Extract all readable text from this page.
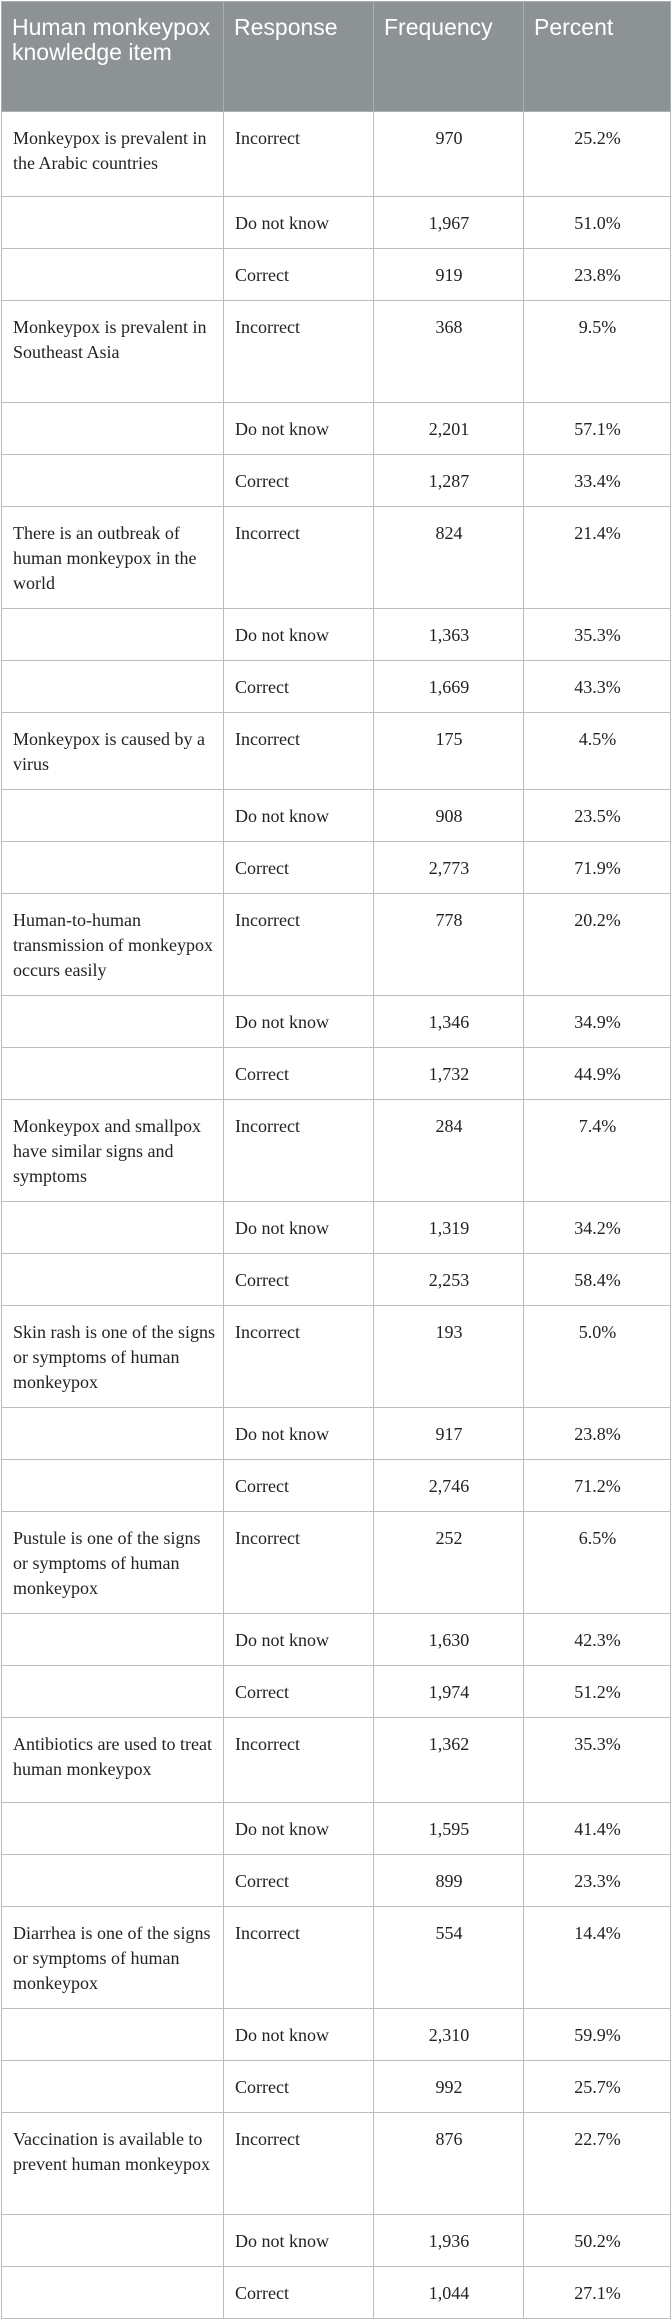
Human monkeypox knowledge item	Response	Frequency	Percent
Monkeypox is prevalent in the Arabic countries	Incorrect	970	25.2%
	Do not know	1,967	51.0%
	Correct	919	23.8%
Monkeypox is prevalent in Southeast Asia	Incorrect	368	9.5%
	Do not know	2,201	57.1%
	Correct	1,287	33.4%
There is an outbreak of human monkeypox in the world	Incorrect	824	21.4%
	Do not know	1,363	35.3%
	Correct	1,669	43.3%
Monkeypox is caused by a virus	Incorrect	175	4.5%
	Do not know	908	23.5%
	Correct	2,773	71.9%
Human-to-human transmission of monkeypox occurs easily	Incorrect	778	20.2%
	Do not know	1,346	34.9%
	Correct	1,732	44.9%
Monkeypox and smallpox have similar signs and symptoms	Incorrect	284	7.4%
	Do not know	1,319	34.2%
	Correct	2,253	58.4%
Skin rash is one of the signs or symptoms of human monkeypox	Incorrect	193	5.0%
	Do not know	917	23.8%
	Correct	2,746	71.2%
Pustule is one of the signs or symptoms of human monkeypox	Incorrect	252	6.5%
	Do not know	1,630	42.3%
	Correct	1,974	51.2%
Antibiotics are used to treat human monkeypox	Incorrect	1,362	35.3%
	Do not know	1,595	41.4%
	Correct	899	23.3%
Diarrhea is one of the signs or symptoms of human monkeypox	Incorrect	554	14.4%
	Do not know	2,310	59.9%
	Correct	992	25.7%
Vaccination is available to prevent human monkeypox	Incorrect	876	22.7%
	Do not know	1,936	50.2%
	Correct	1,044	27.1%
